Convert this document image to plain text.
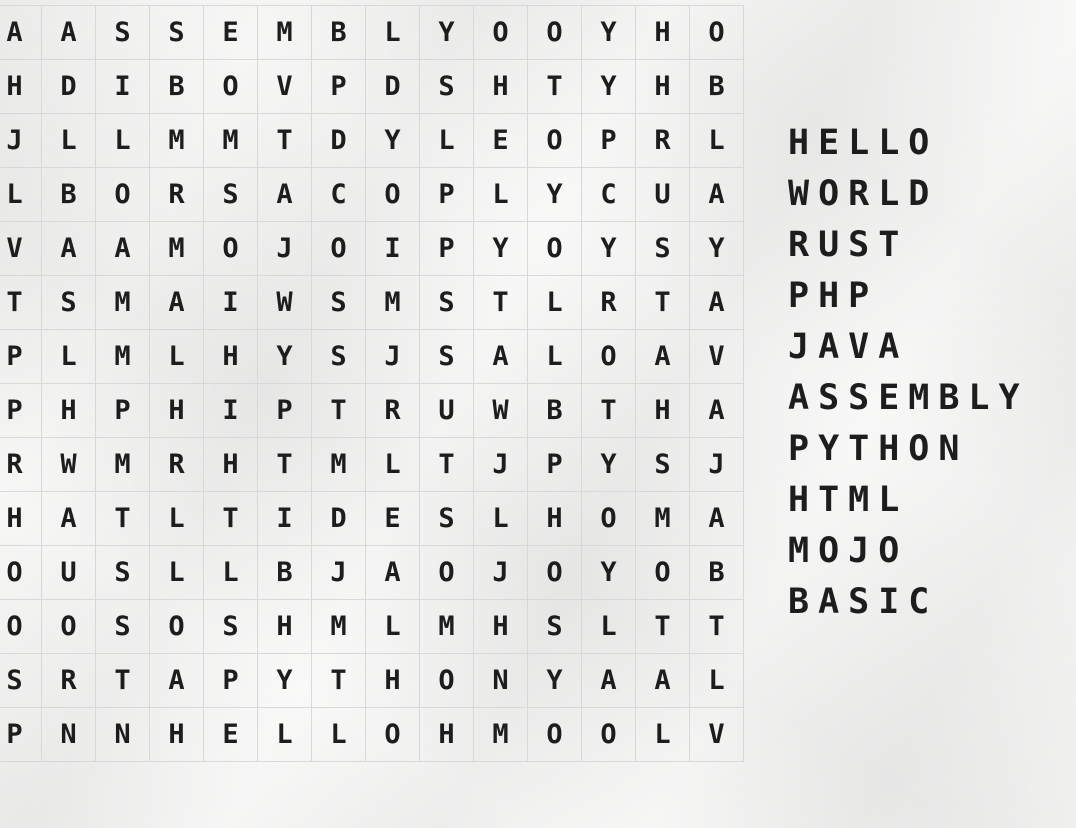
A	A	S	S	E	M	B	L	Y	O	O	Y	H	O
H	D	I	B	O	V	P	D	S	H	T	Y	H	B
J	L	L	M	M	T	D	Y	L	E	O	P	R	L
L	B	O	R	S	A	C	O	P	L	Y	C	U	A
V	A	A	M	O	J	O	I	P	Y	O	Y	S	Y
T	S	M	A	I	W	S	M	S	T	L	R	T	A
P	L	M	L	H	Y	S	J	S	A	L	O	A	V
P	H	P	H	I	P	T	R	U	W	B	T	H	A
R	W	M	R	H	T	M	L	T	J	P	Y	S	J
H	A	T	L	T	I	D	E	S	L	H	O	M	A
O	U	S	L	L	B	J	A	O	J	O	Y	O	B
O	O	S	O	S	H	M	L	M	H	S	L	T	T
S	R	T	A	P	Y	T	H	O	N	Y	A	A	L
P	N	N	H	E	L	L	O	H	M	O	O	L	V
HELLO
WORLD
RUST
PHP
JAVA
ASSEMBLY
PYTHON
HTML
MOJO
BASIC
